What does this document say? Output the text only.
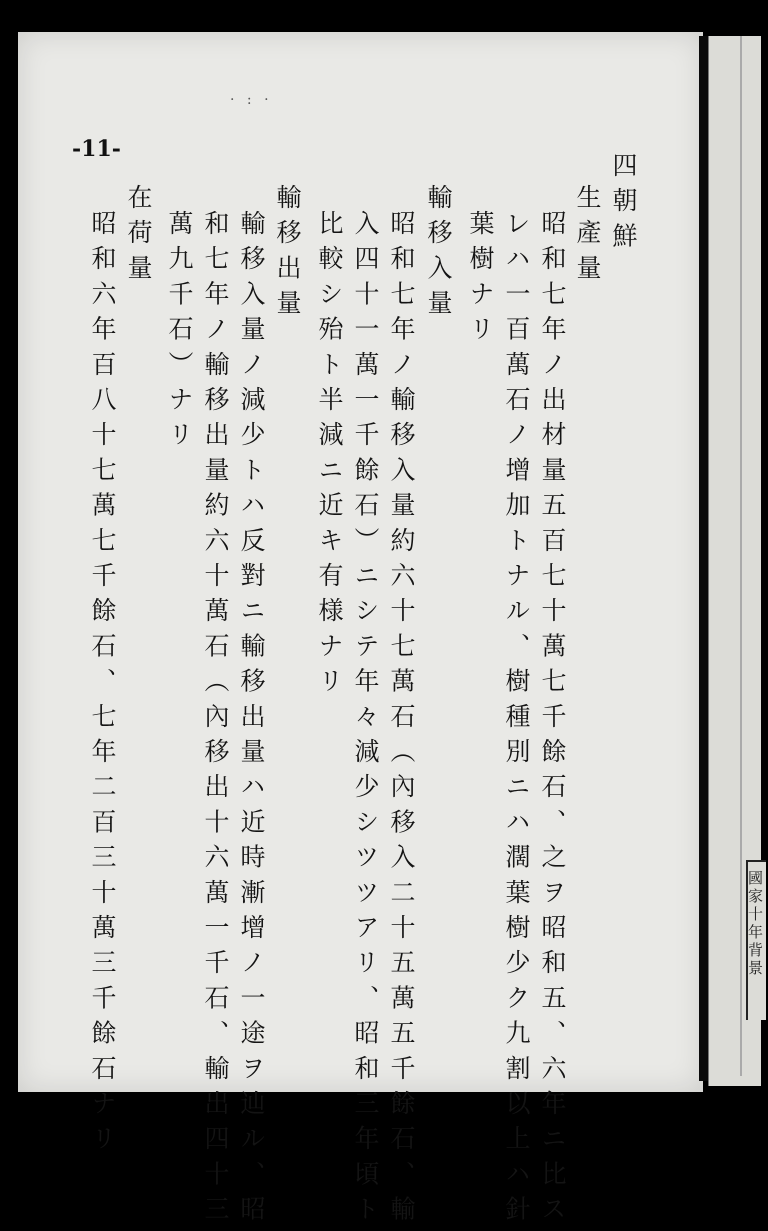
國家十年背景
· : ·
-11-
四朝鮮
生產量
昭和七年ノ出材量五百七十萬七千餘石、之ヲ昭和五、六年ニ比ス
レハ一百萬石ノ增加トナル、樹種別ニハ濶葉樹少ク九割以上ハ針
葉樹ナリ
輸移入量
昭和七年ノ輸移入量約六十七萬石（內移入二十五萬五千餘石、輸
入四十一萬一千餘石）ニシテ年々減少シツツアリ、昭和三年頃ト
比較シ殆ト半減ニ近キ有様ナリ
輸移出量
輸移入量ノ減少トハ反對ニ輸移出量ハ近時漸增ノ一途ヲ辿ル、昭
和七年ノ輸移出量約六十萬石（內移出十六萬一千石、輸出四十三
萬九千石）ナリ
在荷量
昭和六年百八十七萬七千餘石、七年二百三十萬三千餘石ナリ
